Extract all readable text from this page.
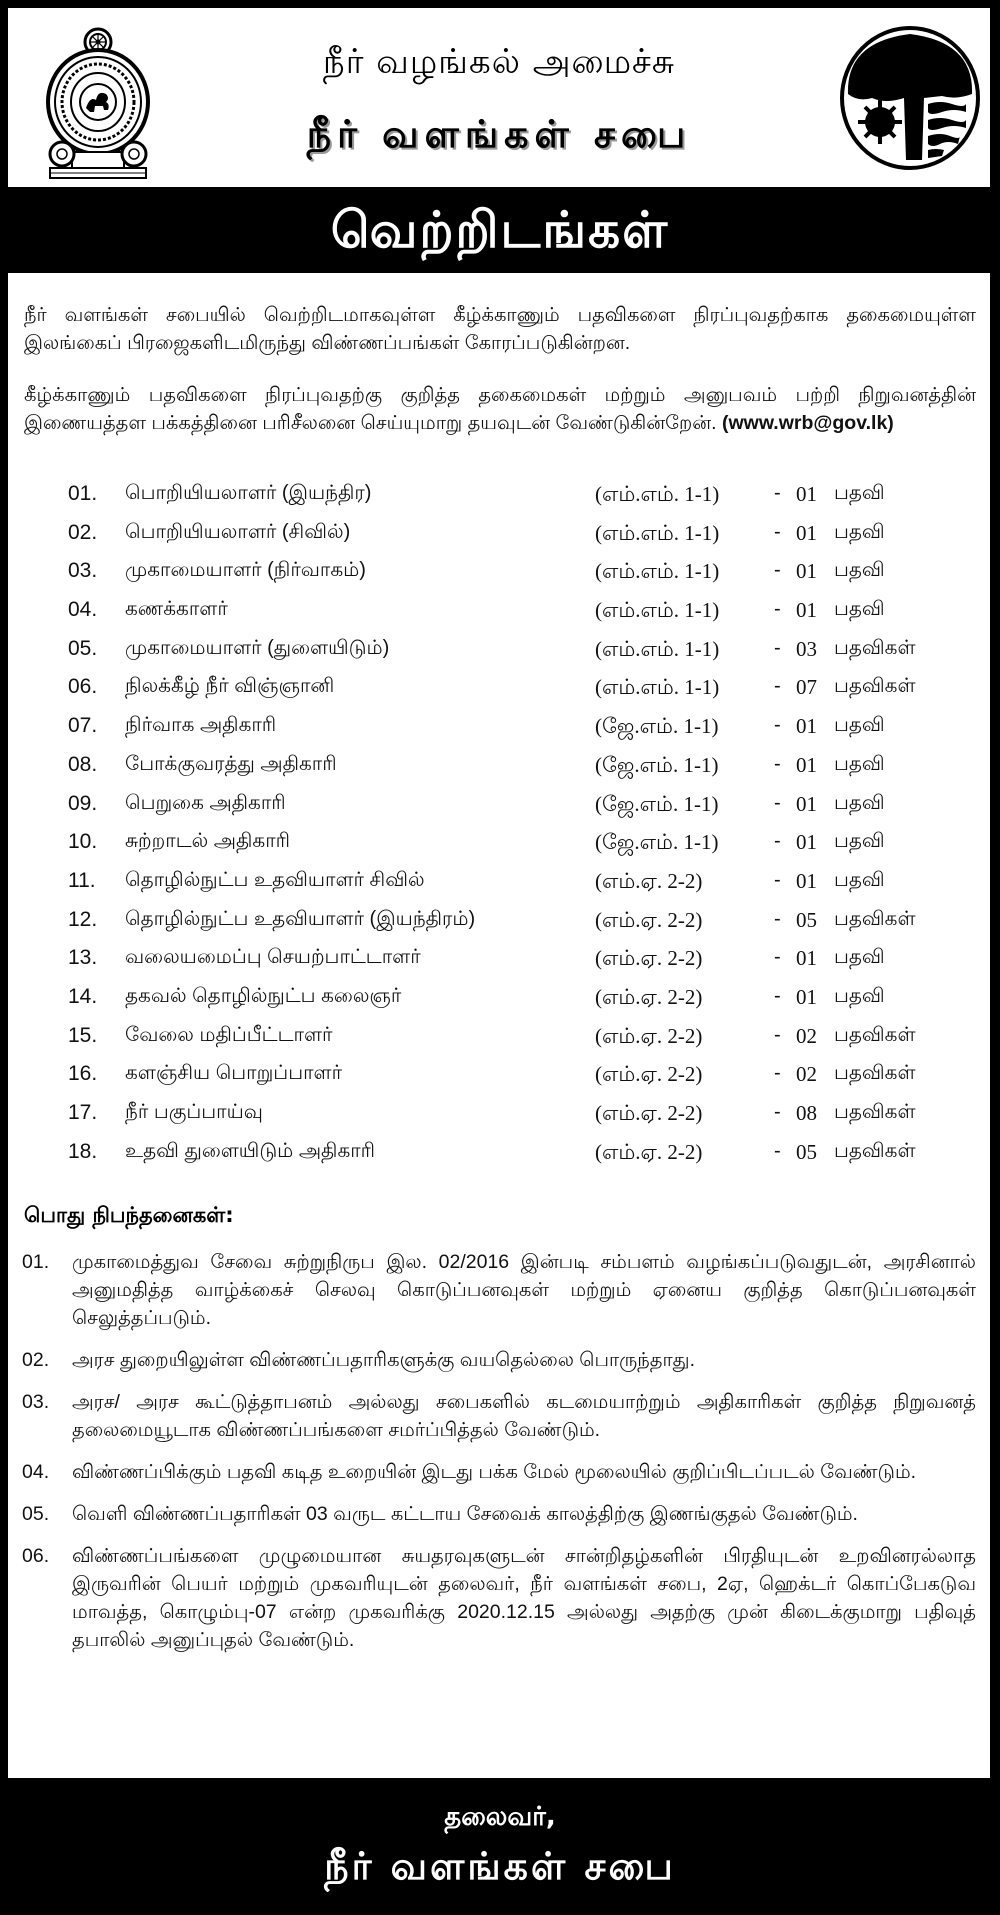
நீர் வழங்கல் அமைச்சு
நீர் வளங்கள் சபை
வெற்றிடங்கள்

நீர் வளங்கள் சபையில் வெற்றிடமாகவுள்ள கீழ்க்காணும் பதவிகளை நிரப்புவதற்காக தகைமையுள்ள இலங்கைப் பிரஜைகளிடமிருந்து விண்ணப்பங்கள் கோரப்படுகின்றன.

கீழ்க்காணும் பதவிகளை நிரப்புவதற்கு குறித்த தகைமைகள் மற்றும் அனுபவம் பற்றி நிறுவனத்தின் இணையத்தள பக்கத்தினை பரிசீலனை செய்யுமாறு தயவுடன் வேண்டுகின்றேன். (www.wrb@gov.lk)

01. பொறியியலாளர் (இயந்திர)	(எம்.எம். 1-1)	- 01 பதவி
02. பொறியியலாளர் (சிவில்)	(எம்.எம். 1-1)	- 01 பதவி
03. முகாமையாளர் (நிர்வாகம்)	(எம்.எம். 1-1)	- 01 பதவி
04. கணக்காளர்	(எம்.எம். 1-1)	- 01 பதவி
05. முகாமையாளர் (துளையிடும்)	(எம்.எம். 1-1)	- 03 பதவிகள்
06. நிலக்கீழ் நீர் விஞ்ஞானி	(எம்.எம். 1-1)	- 07 பதவிகள்
07. நிர்வாக அதிகாரி	(ஜே.எம். 1-1)	- 01 பதவி
08. போக்குவரத்து அதிகாரி	(ஜே.எம். 1-1)	- 01 பதவி
09. பெறுகை அதிகாரி	(ஜே.எம். 1-1)	- 01 பதவி
10. சுற்றாடல் அதிகாரி	(ஜே.எம். 1-1)	- 01 பதவி
11. தொழில்நுட்ப உதவியாளர் சிவில்	(எம்.ஏ. 2-2)	- 01 பதவி
12. தொழில்நுட்ப உதவியாளர் (இயந்திரம்)	(எம்.ஏ. 2-2)	- 05 பதவிகள்
13. வலையமைப்பு செயற்பாட்டாளர்	(எம்.ஏ. 2-2)	- 01 பதவி
14. தகவல் தொழில்நுட்ப கலைஞர்	(எம்.ஏ. 2-2)	- 01 பதவி
15. வேலை மதிப்பீட்டாளர்	(எம்.ஏ. 2-2)	- 02 பதவிகள்
16. களஞ்சிய பொறுப்பாளர்	(எம்.ஏ. 2-2)	- 02 பதவிகள்
17. நீர் பகுப்பாய்வு	(எம்.ஏ. 2-2)	- 08 பதவிகள்
18. உதவி துளையிடும் அதிகாரி	(எம்.ஏ. 2-2)	- 05 பதவிகள்
பொது நிபந்தனைகள்:
01. முகாமைத்துவ சேவை சுற்றுநிருப இல. 02/2016 இன்படி சம்பளம் வழங்கப்படுவதுடன், அரசினால் அனுமதித்த வாழ்க்கைச் செலவு கொடுப்பனவுகள் மற்றும் ஏனைய குறித்த கொடுப்பனவுகள் செலுத்தப்படும்.
02. அரச துறையிலுள்ள விண்ணப்பதாரிகளுக்கு வயதெல்லை பொருந்தாது.
03. அரச/ அரச கூட்டுத்தாபனம் அல்லது சபைகளில் கடமையாற்றும் அதிகாரிகள் குறித்த நிறுவனத் தலைமையூடாக விண்ணப்பங்களை சமர்ப்பித்தல் வேண்டும்.
04. விண்ணப்பிக்கும் பதவி கடித உறையின் இடது பக்க மேல் மூலையில் குறிப்பிடப்படல் வேண்டும்.
05. வெளி விண்ணப்பதாரிகள் 03 வருட கட்டாய சேவைக் காலத்திற்கு இணங்குதல் வேண்டும்.
06. விண்ணப்பங்களை முழுமையான சுயதரவுகளுடன் சான்றிதழ்களின் பிரதியுடன் உறவினரல்லாத இருவரின் பெயர் மற்றும் முகவரியுடன் தலைவர், நீர் வளங்கள் சபை, 2ஏ, ஹெக்டர் கொப்பேகடுவ மாவத்த, கொழும்பு-07 என்ற முகவரிக்கு 2020.12.15 அல்லது அதற்கு முன் கிடைக்குமாறு பதிவுத் தபாலில் அனுப்புதல் வேண்டும்.
தலைவர்,
நீர் வளங்கள் சபை
